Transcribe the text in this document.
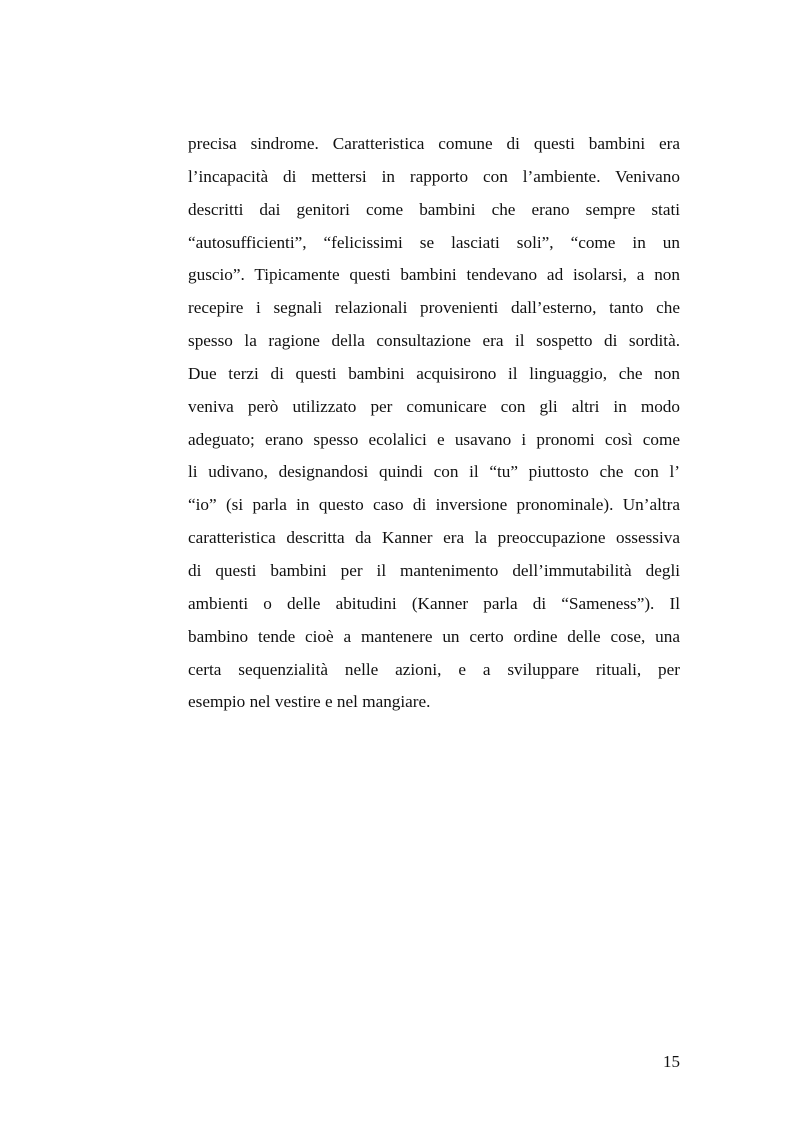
precisa sindrome. Caratteristica comune di questi bambini era
l’incapacità di mettersi in rapporto con l’ambiente. Venivano
descritti dai genitori come bambini che erano sempre stati
“autosufficienti”, “felicissimi se lasciati soli”, “come in un
guscio”. Tipicamente questi bambini tendevano ad isolarsi, a non
recepire i segnali relazionali provenienti dall’esterno, tanto che
spesso la ragione della consultazione era il sospetto di sordità.
Due terzi di questi bambini acquisirono il linguaggio, che non
veniva però utilizzato per comunicare con gli altri in modo
adeguato; erano spesso ecolalici e usavano i pronomi così come
li udivano, designandosi quindi con il “tu” piuttosto che con l’
“io” (si parla in questo caso di inversione pronominale). Un’altra
caratteristica descritta da Kanner era la preoccupazione ossessiva
di questi bambini per il mantenimento dell’immutabilità degli
ambienti o delle abitudini (Kanner parla di “Sameness”). Il
bambino tende cioè a mantenere un certo ordine delle cose, una
certa sequenzialità nelle azioni, e a sviluppare rituali, per
esempio nel vestire e nel mangiare.
15
